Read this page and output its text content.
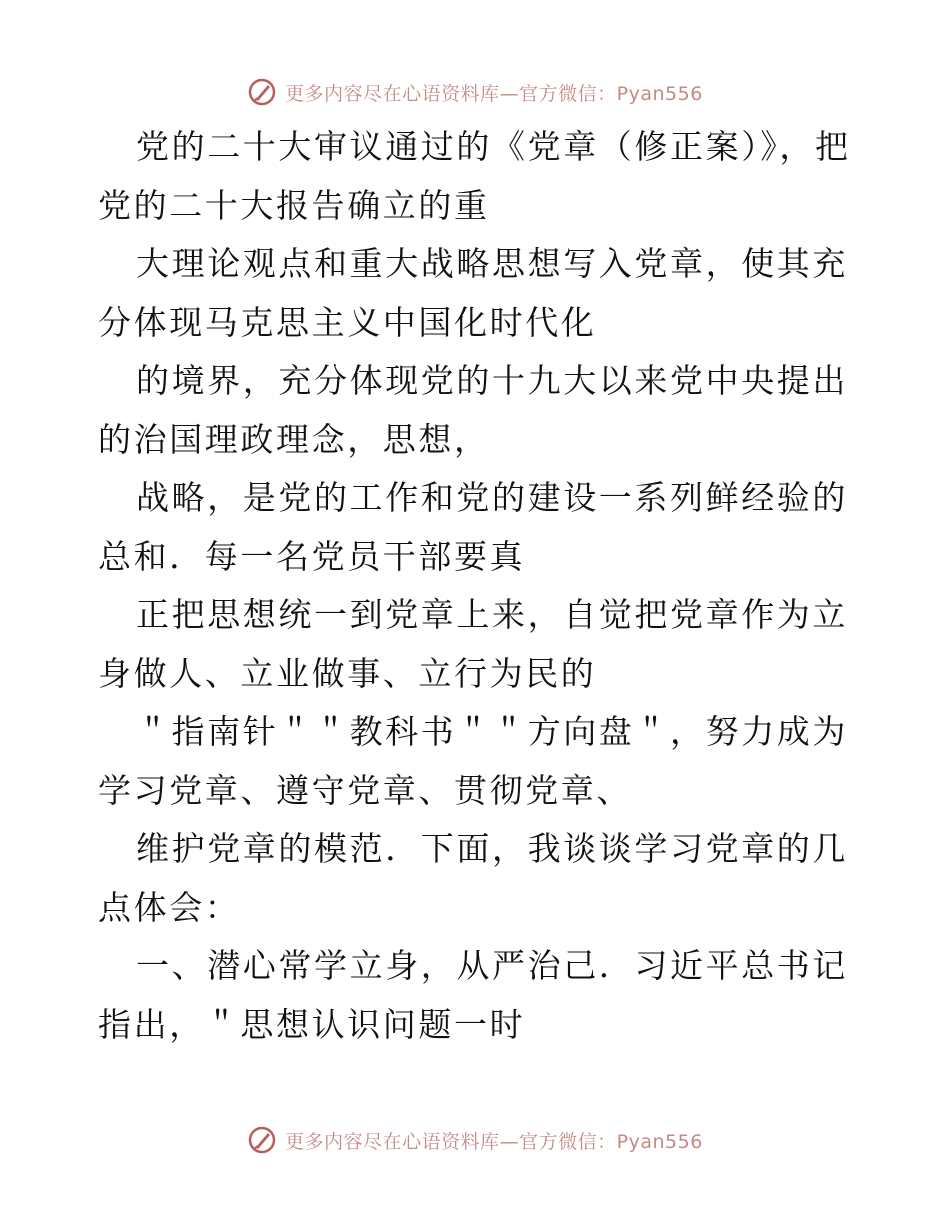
更多内容尽在心语资料库—官方微信：Pyan556

党的二十大审议通过的《党章（修正案）》，把党的二十大报告确立的重

大理论观点和重大战略思想写入党章，使其充分体现马克思主义中国化时代化

的境界，充分体现党的十九大以来党中央提出的治国理政理念，思想，

战略，是党的工作和党的建设一系列鲜经验的总和．每一名党员干部要真

正把思想统一到党章上来，自觉把党章作为立身做人、立业做事、立行为民的

＂指南针＂＂教科书＂＂方向盘＂，努力成为学习党章、遵守党章、贯彻党章、

维护党章的模范．下面，我谈谈学习党章的几点体会：

一、潜心常学立身，从严治己．习近平总书记指出，＂思想认识问题一时

更多内容尽在心语资料库—官方微信：Pyan556
